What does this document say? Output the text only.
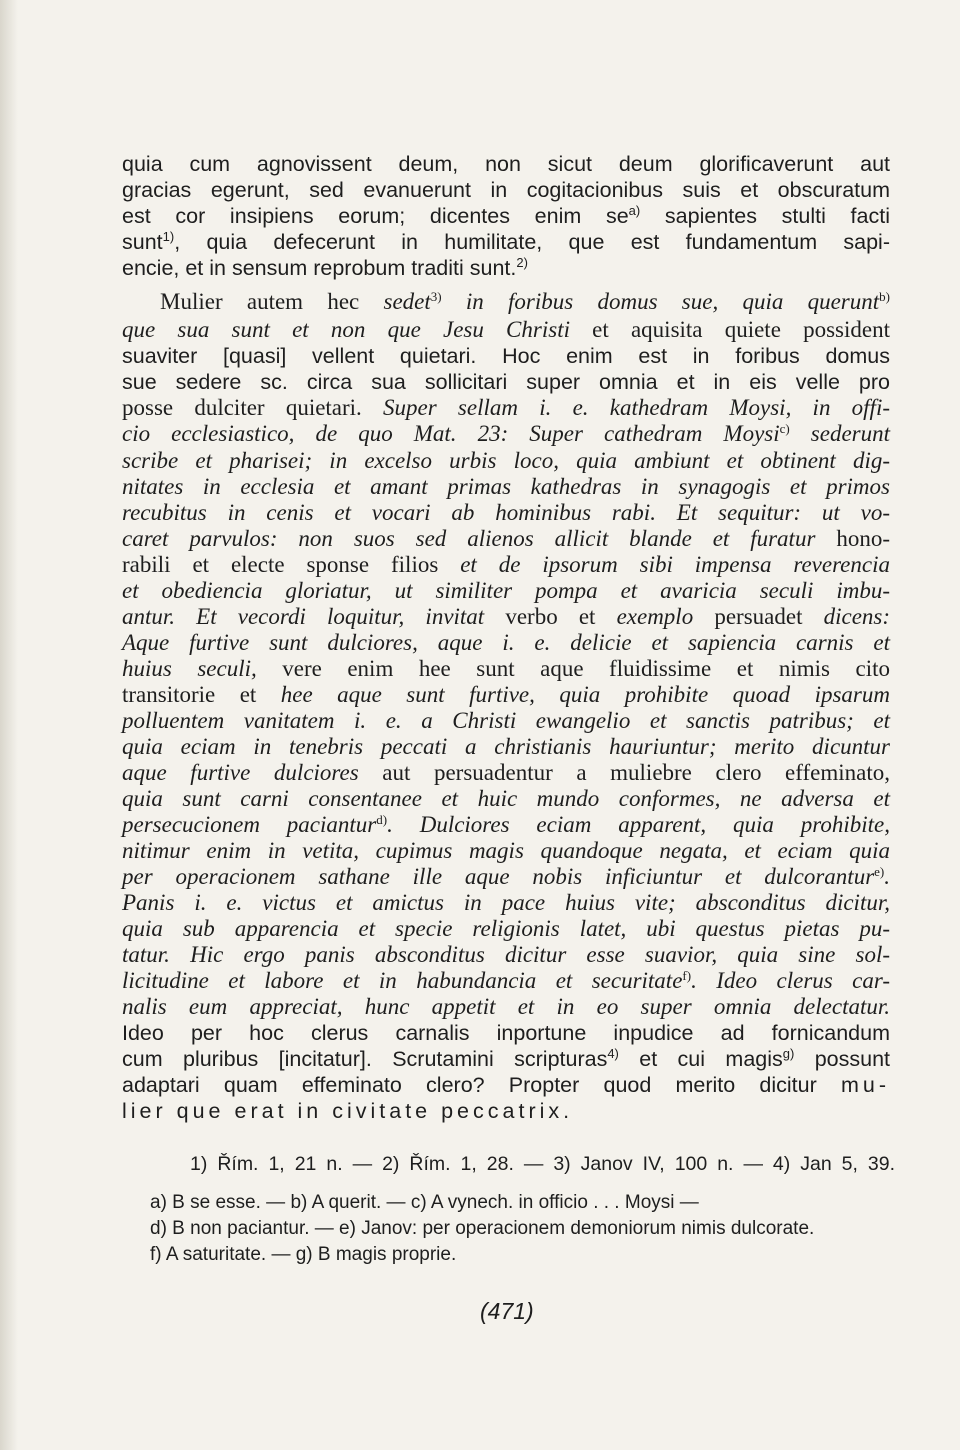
quia cum agnovissent deum, non sicut deum glorificaverunt aut
gracias egerunt, sed evanuerunt in cogitacionibus suis et obscuratum
est cor insipiens eorum; dicentes enim $se^{a)}$ sapientes stulti facti
sunt$^{1)}$, quia defecerunt in humilitate, que est fundamentum sapi-
encie, et in sensum reprobum traditi sunt.$^{2)}$
Mulier autem hec sedet$^{3)}$ in foribus domus sue, quia querunt$^{b)}$
que sua sunt et non que Jesu Christi et aquisita quiete possident
suaviter [quasi] vellent quietari. Hoc enim est in foribus domus
sue sedere sc. circa sua sollicitari super omnia et in eis velle pro
posse dulciter quietari. Super sellam i. e. kathedram Moysi, in offi-
cio ecclesiastico, de quo Mat. 23: Super cathedram Moysi$^{c)}$ sederunt
scribe et pharisei; in excelso urbis loco, quia ambiunt et obtinent dig-
nitates in ecclesia et amant primas kathedras in synagogis et primos
recubitus in cenis et vocari ab hominibus rabi. Et sequitur: ut vo-
caret parvulos: non suos sed alienos allicit blande et furatur hono-
rabili et electe sponse filios et de ipsorum sibi impensa reverencia
et obediencia gloriatur, ut similiter pompa et avaricia seculi imbu-
antur. Et vecordi loquitur, invitat verbo et exemplo persuadet dicens:
Aque furtive sunt dulciores, aque i. e. delicie et sapiencia carnis et
huius seculi, vere enim hee sunt aque fluidissime et nimis cito
transitorie et hee aque sunt furtive, quia prohibite quoad ipsarum
polluentem vanitatem i. e. a Christi ewangelio et sanctis patribus; et
quia eciam in tenebris peccati a christianis hauriuntur; merito dicuntur
aque furtive dulciores aut persuadentur a muliebre clero effeminato,
quia sunt carni consentanee et huic mundo conformes, ne adversa et
persecucionem paciantur$^{d)}$. Dulciores eciam apparent, quia prohibite,
nitimur enim in vetita, cupimus magis quandoque negata, et eciam quia
per operacionem sathane ille aque nobis inficiuntur et dulcorantur$^{e)}$.
Panis i. e. victus et amictus in pace huius vite; absconditus dicitur,
quia sub apparencia et specie religionis latet, ubi questus pietas pu-
tatur. Hic ergo panis absconditus dicitur esse suavior, quia sine sol-
licitudine et labore et in habundancia et securitate$^{f)}$. Ideo clerus car-
nalis eum appreciat, hunc appetit et in eo super omnia delectatur.
Ideo per hoc clerus carnalis inportune inpudice ad fornicandum
cum pluribus [incitatur]. Scrutamini scripturas$^{4)}$ et cui magis$^{g)}$ possunt
adaptari quam effeminato clero? Propter quod merito dicitur mu-
lier que erat in civitate peccatrix.
1) Řím. 1, 21 n. — 2) Řím. 1, 28. — 3) Janov IV, 100 n. — 4) Jan 5, 39.
a) B se esse. — b) A querit. — c) A vynech. in officio . . . Moysi —
d) B non paciantur. — e) Janov: per operacionem demoniorum nimis dulcorate.
f) A saturitate. — g) B magis proprie.
(471)
